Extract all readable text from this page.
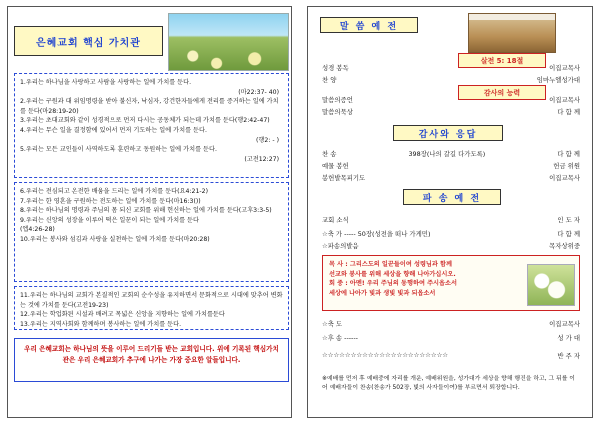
은혜교회 핵심 가치관
1.우리는 하나님을 사랑하고 사람을 사랑하는 일에 가치를 둔다.
(마22:37- 40)
2.우리는 구원과 대 위임명령을 받아 불신자, 낙심자, 강건한자들에게 전리를 증거하는 일에 가치를 둔다(마28:19-20)
3.우리는 초대교회와 같이 성경적으로 먼저 다시는 공동체가 되는데 가치를 둔다(행2:42-47)
4.우리는 무슨 일을 결정함에 있어서 먼저 기도하는 일에 가치를 둔다.
(행2: - )
5.우리는 모든 교인들이 사역하도록 훈련하고 동원하는 일에 가치를 둔다.
(고전12:27)
6.우리는 전심되고 온전한 배움을 드리는 일에 가치를 둔다(요4:21-2)
7.우리는 한 영혼을 구원하는 전도하는 일에 가치를 둔다(마16:3())
8.우리는 하나님의 명령과 주님의 몸 되신 교회를 위해 헌신하는 일에 가치를 둔다(고후3:3-5)
9.우리는 신앙의 성장을 이루어 떡은 일꾼이 되는 일에 가치를 둔다
(엡4:26-28)
10.우리는 봉사와 섬김과 사랑을 실천하는 일에 가치를 둔다(마20:28)
11.우리는 하나님의 교회가 본질적인 교회의 순수성을 유지하면서 문화적으로 시대에 맞추어 변화는 것에 가치를 둔다(고전19-23)
12.우리는 학업화된 시설과 배려고 목넓은 신앙을 지향하는 일에 가치를둔다
13.우리는 지역사회와 함께하며 봉사하는 일에 가치를 둔다.
우리 은혜교회는 하나님의 뜻을 이루어 드리기들 받는 교회입니다. 위에 기록된 핵심가치관은 우리 은혜교회가 추구에 나가는 가장 중요한 알들입니다.
말 씀 예 전
살전 5: 18절
감사의 능력
성경 봉독	이집교목사
찬 양	임마누엘성가대
말씀의증언	이집교목사
말씀의묵상	다 함 께
감사와 응답
찬 송	398장(나의 갈길 다가도록)	다 함 께
예물 봉헌	헌금 위원
봉헌발목피기도	이집교목사
파 송 예 전
교회 소식	인 도 자
☆축 가 ----- 50장(성전을 떠나 가게민)	다 함 께
☆파송의발음	목자상위중
목 사 : 그리스도의 일꾼들이여 성령님과 함께
선교와 봉사를 위해 세상을 향해 나아가십시오.
회 중 : 아멘! 우리 주님의 동행하여 주시옵소서
세상에 나아가 빛과 생빛 빛과 되옵소서
☆축 도	이집교목사
☆후 송 ------	성 가 대
☆☆☆☆☆☆☆☆☆☆☆☆☆☆☆☆☆☆☆☆☆☆	반 주 자
※예배를 먼저 후 예배중에 자리를 개운, 예배위원을, 성가대가 세상을 향해 행진을 하고, 그 뒤를 이어 예배자들이 찬송(찬송가 502장, 빛의 사자들이여)를 부르면서 퇴장합니다.
